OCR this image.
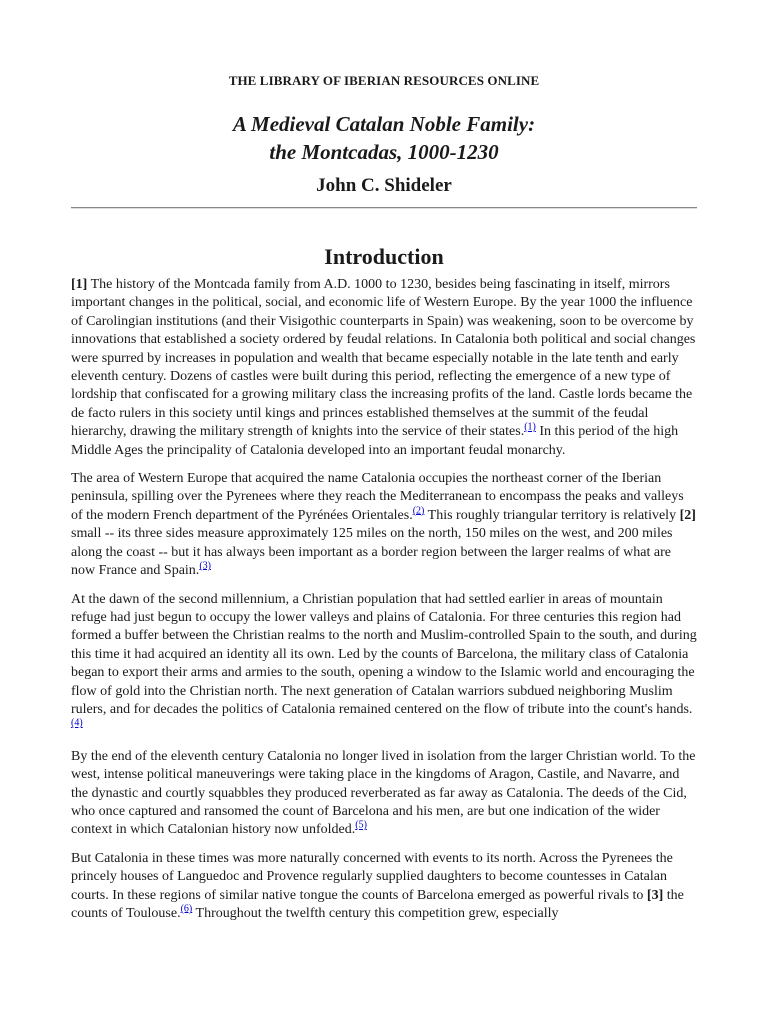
THE LIBRARY OF IBERIAN RESOURCES ONLINE
A Medieval Catalan Noble Family:
the Montcadas, 1000-1230
John C. Shideler
Introduction

[1] The history of the Montcada family from A.D. 1000 to 1230, besides being fascinating in itself, mirrors important changes in the political, social, and economic life of Western Europe. By the year 1000 the influence of Carolingian institutions (and their Visigothic counterparts in Spain) was weakening, soon to be overcome by innovations that established a society ordered by feudal relations. In Catalonia both political and social changes were spurred by increases in population and wealth that became especially notable in the late tenth and early eleventh century. Dozens of castles were built during this period, reflecting the emergence of a new type of lordship that confiscated for a growing military class the increasing profits of the land. Castle lords became the de facto rulers in this society until kings and princes established themselves at the summit of the feudal hierarchy, drawing the military strength of knights into the service of their states.$^{(1)}$ In this period of the high Middle Ages the principality of Catalonia developed into an important feudal monarchy.

The area of Western Europe that acquired the name Catalonia occupies the northeast corner of the Iberian peninsula, spilling over the Pyrenees where they reach the Mediterranean to encompass the peaks and valleys of the modern French department of the Pyrénées Orientales.$^{(2)}$ This roughly triangular territory is relatively [2] small -- its three sides measure approximately 125 miles on the north, 150 miles on the west, and 200 miles along the coast -- but it has always been important as a border region between the larger realms of what are now France and Spain.$^{(3)}$

At the dawn of the second millennium, a Christian population that had settled earlier in areas of mountain refuge had just begun to occupy the lower valleys and plains of Catalonia. For three centuries this region had formed a buffer between the Christian realms to the north and Muslim-controlled Spain to the south, and during this time it had acquired an identity all its own. Led by the counts of Barcelona, the military class of Catalonia began to export their arms and armies to the south, opening a window to the Islamic world and encouraging the flow of gold into the Christian north. The next generation of Catalan warriors subdued neighboring Muslim rulers, and for decades the politics of Catalonia remained centered on the flow of tribute into the count's hands.$^{(4)}$

By the end of the eleventh century Catalonia no longer lived in isolation from the larger Christian world. To the west, intense political maneuverings were taking place in the kingdoms of Aragon, Castile, and Navarre, and the dynastic and courtly squabbles they produced reverberated as far away as Catalonia. The deeds of the Cid, who once captured and ransomed the count of Barcelona and his men, are but one indication of the wider context in which Catalonian history now unfolded.$^{(5)}$

But Catalonia in these times was more naturally concerned with events to its north. Across the Pyrenees the princely houses of Languedoc and Provence regularly supplied daughters to become countesses in Catalan courts. In these regions of similar native tongue the counts of Barcelona emerged as powerful rivals to [3] the counts of Toulouse.$^{(6)}$ Throughout the twelfth century this competition grew, especially
